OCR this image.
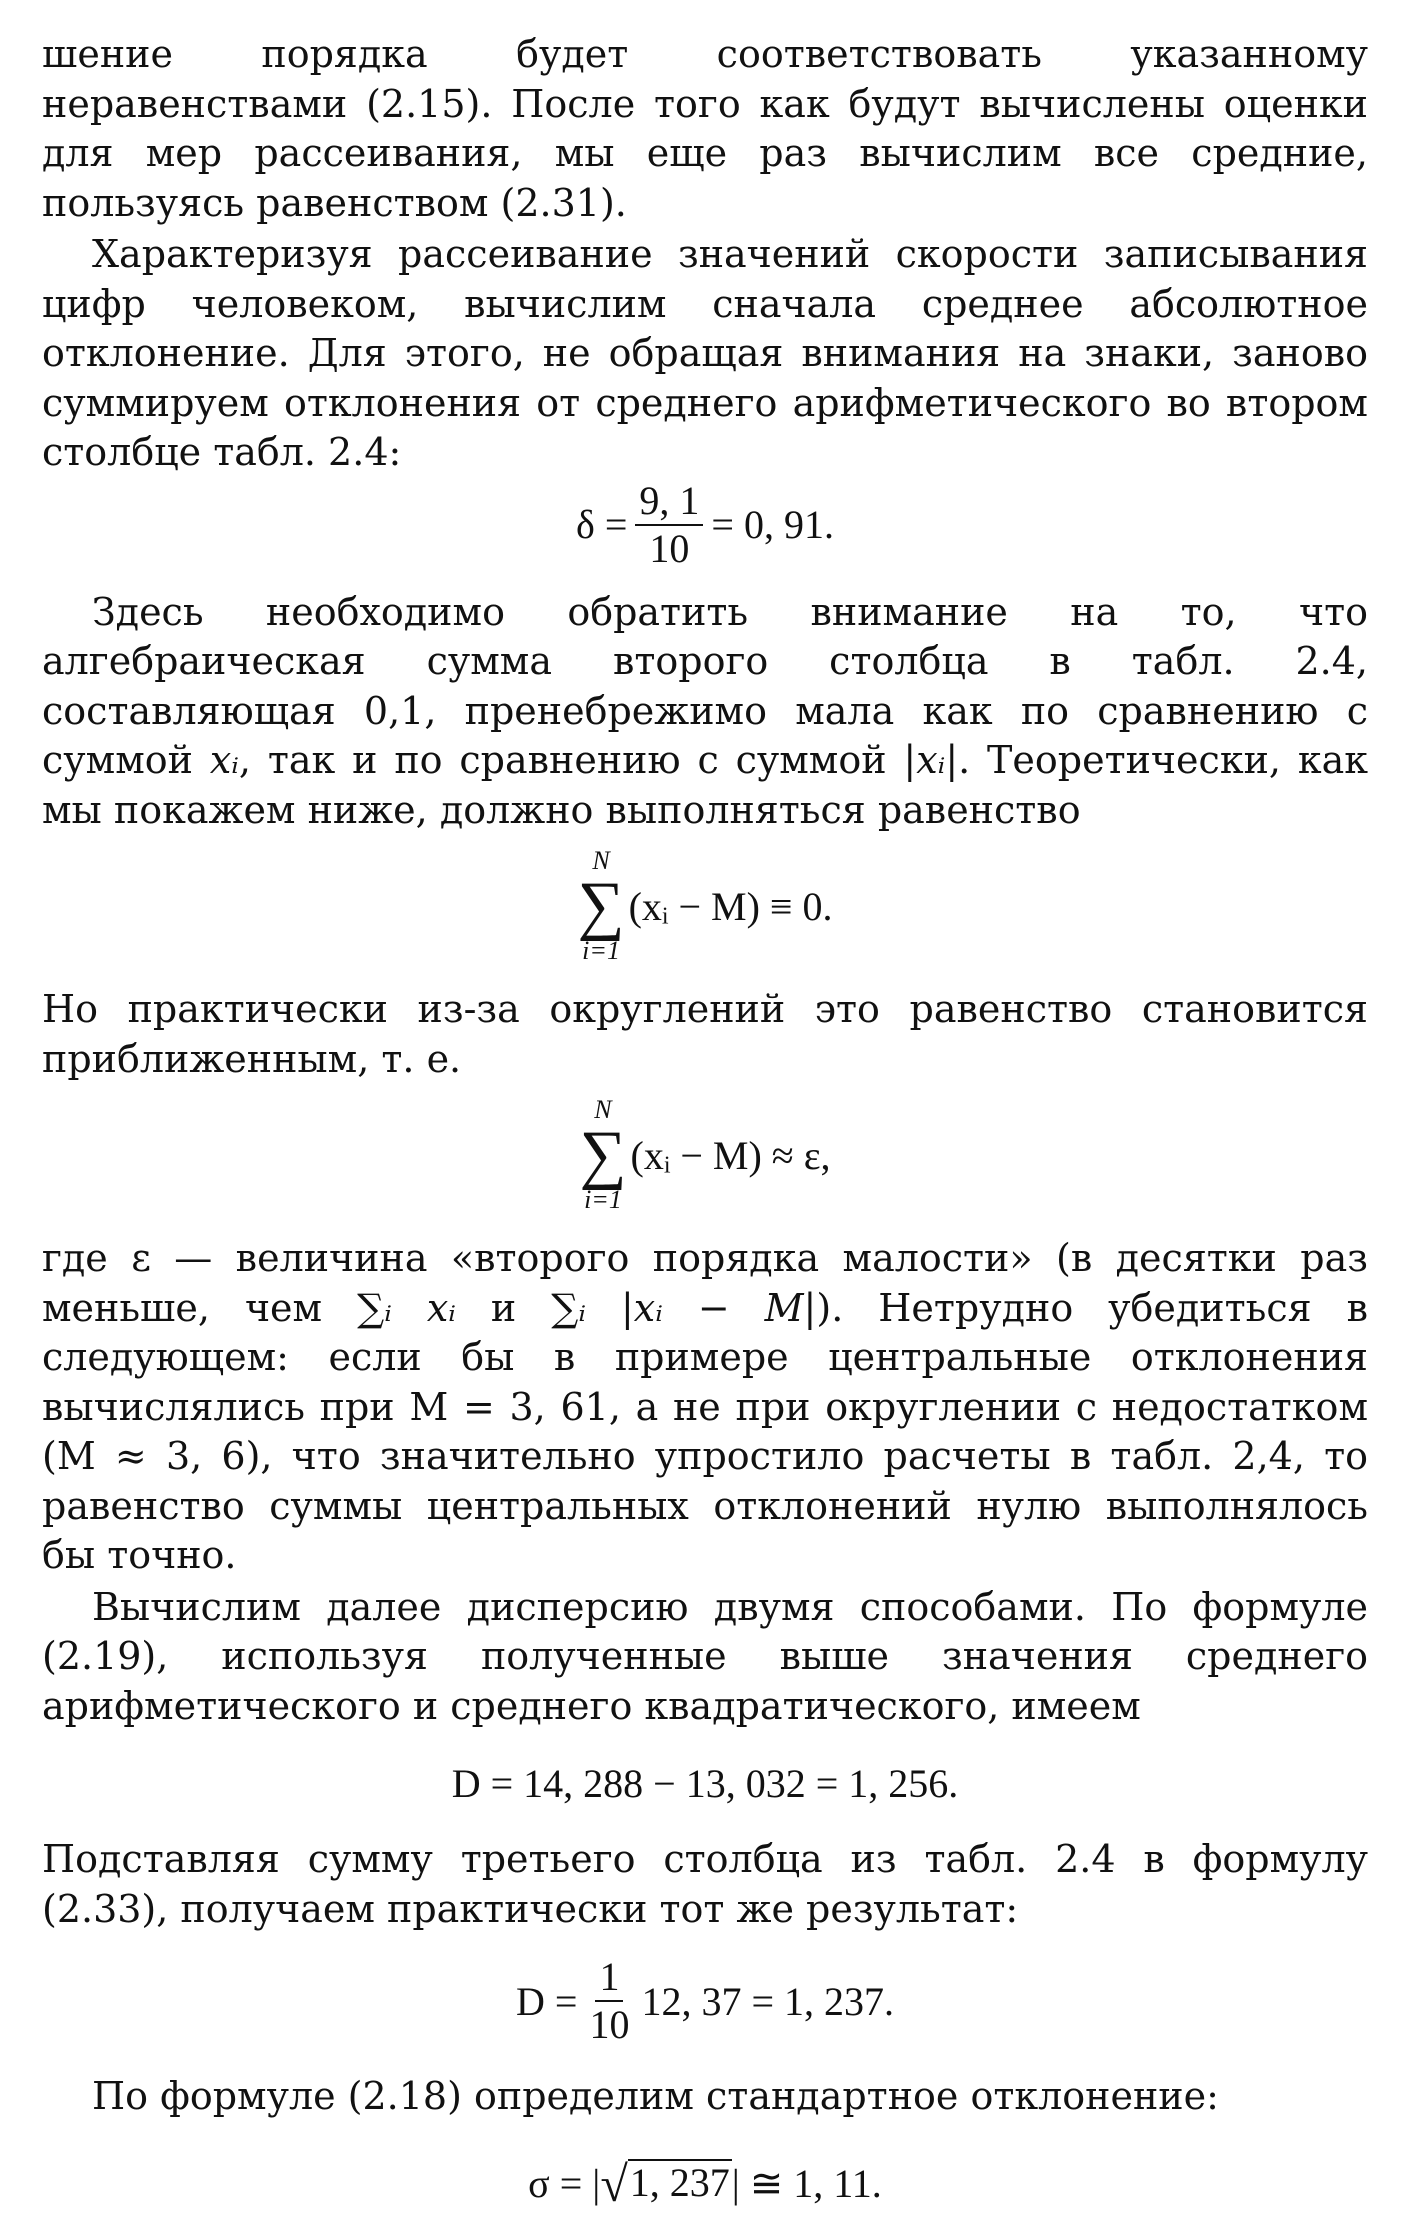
шение порядка будет соответствовать указанному неравенствами (2.15). После того как будут вычислены оценки для мер рассеивания, мы еще раз вычислим все средние, пользуясь равенством (2.31).

Характеризуя рассеивание значений скорости записывания цифр человеком, вычислим сначала среднее абсолютное отклонение. Для этого, не обращая внимания на знаки, заново суммируем отклонения от среднего арифметического во втором столбце табл. 2.4:

$\delta = \frac{9, 1}{10} = 0$, 91.

Здесь необходимо обратить внимание на то, что алгебраическая сумма второго столбца в табл. 2.4, составляющая 0,1, пренебрежимо мала как по сравнению с суммой xᵢ, так и по сравнению с суммой |xᵢ|. Теоретически, как мы покажем ниже, должно выполняться равенство

N
∑
i=1
(xᵢ − M) ≡ 0.

Но практически из-за округлений это равенство становится приближенным, т. е.

N
∑
i=1
(xᵢ − M) ≈ ε,

где ε — величина «второго порядка малости» (в десятки раз меньше, чем ∑ᵢ xᵢ и ∑ᵢ |xᵢ − M|). Нетрудно убедиться в следующем: если бы в примере центральные отклонения вычислялись при M = 3, 61, а не при округлении с недостатком (M ≈ 3, 6), что значительно упростило расчеты в табл. 2,4, то равенство суммы центральных отклонений нулю выполнялось бы точно.

Вычислим далее дисперсию двумя способами. По формуле (2.19), используя полученные выше значения среднего арифметического и среднего квадратического, имеем

D = 14, 288 − 13, 032 = 1, 256.

Подставляя сумму третьего столбца из табл. 2.4 в формулу (2.33), получаем практически тот же результат:

$D = \frac{1}{10} 12$, 37 = 1, 237.

По формуле (2.18) определим стандартное отклонение:

σ = | √ 1, 237 | ≅ 1, 11.
